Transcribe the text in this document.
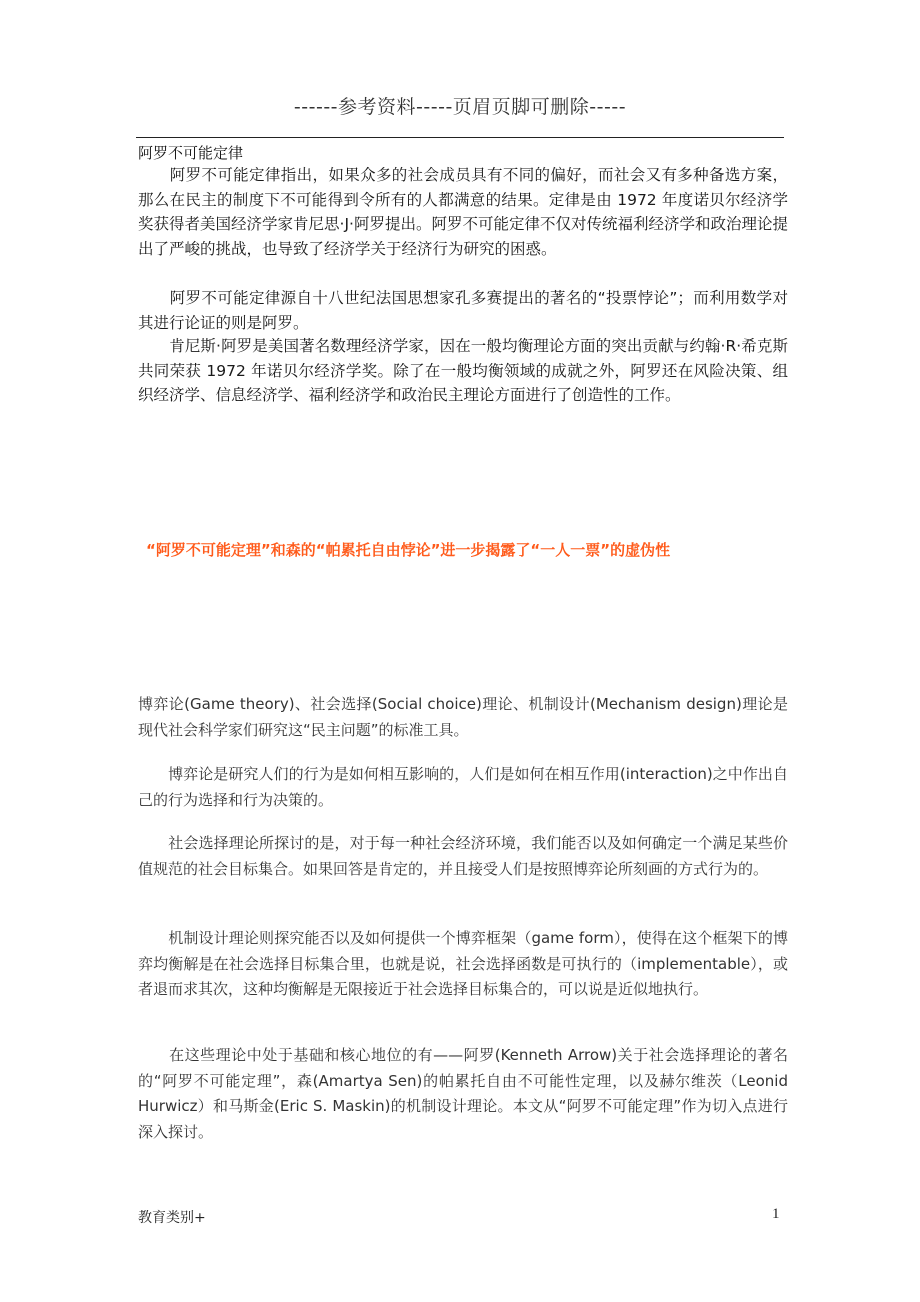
------参考资料-----页眉页脚可删除-----
阿罗不可能定律

　　阿罗不可能定律指出，如果众多的社会成员具有不同的偏好，而社会又有多种备选方案，那么在民主的制度下不可能得到令所有的人都满意的结果。定律是由 1972 年度诺贝尔经济学奖获得者美国经济学家肯尼思·J·阿罗提出。阿罗不可能定律不仅对传统福利经济学和政治理论提出了严峻的挑战，也导致了经济学关于经济行为研究的困惑。

　　阿罗不可能定律源自十八世纪法国思想家孔多赛提出的著名的“投票悖论”；而利用数学对其进行论证的则是阿罗。

　　肯尼斯·阿罗是美国著名数理经济学家，因在一般均衡理论方面的突出贡献与约翰·R·希克斯共同荣获 1972 年诺贝尔经济学奖。除了在一般均衡领域的成就之外，阿罗还在风险决策、组织经济学、信息经济学、福利经济学和政治民主理论方面进行了创造性的工作。

“阿罗不可能定理”和森的“帕累托自由悖论”进一步揭露了“一人一票”的虚伪性

博弈论(Game theory)、社会选择(Social choice)理论、机制设计(Mechanism design)理论是现代社会科学家们研究这“民主问题”的标准工具。

　　博弈论是研究人们的行为是如何相互影响的，人们是如何在相互作用(interaction)之中作出自己的行为选择和行为决策的。

　　社会选择理论所探讨的是，对于每一种社会经济环境，我们能否以及如何确定一个满足某些价值规范的社会目标集合。如果回答是肯定的，并且接受人们是按照博弈论所刻画的方式行为的。

　　机制设计理论则探究能否以及如何提供一个博弈框架（game form），使得在这个框架下的博弈均衡解是在社会选择目标集合里，也就是说，社会选择函数是可执行的（implementable），或者退而求其次，这种均衡解是无限接近于社会选择目标集合的，可以说是近似地执行。

　　在这些理论中处于基础和核心地位的有——阿罗(Kenneth Arrow)关于社会选择理论的著名的“阿罗不可能定理”，森(Amartya Sen)的帕累托自由不可能性定理，以及赫尔维茨（Leonid Hurwicz）和马斯金(Eric S. Maskin)的机制设计理论。本文从“阿罗不可能定理”作为切入点进行深入探讨。

教育类别+	1
